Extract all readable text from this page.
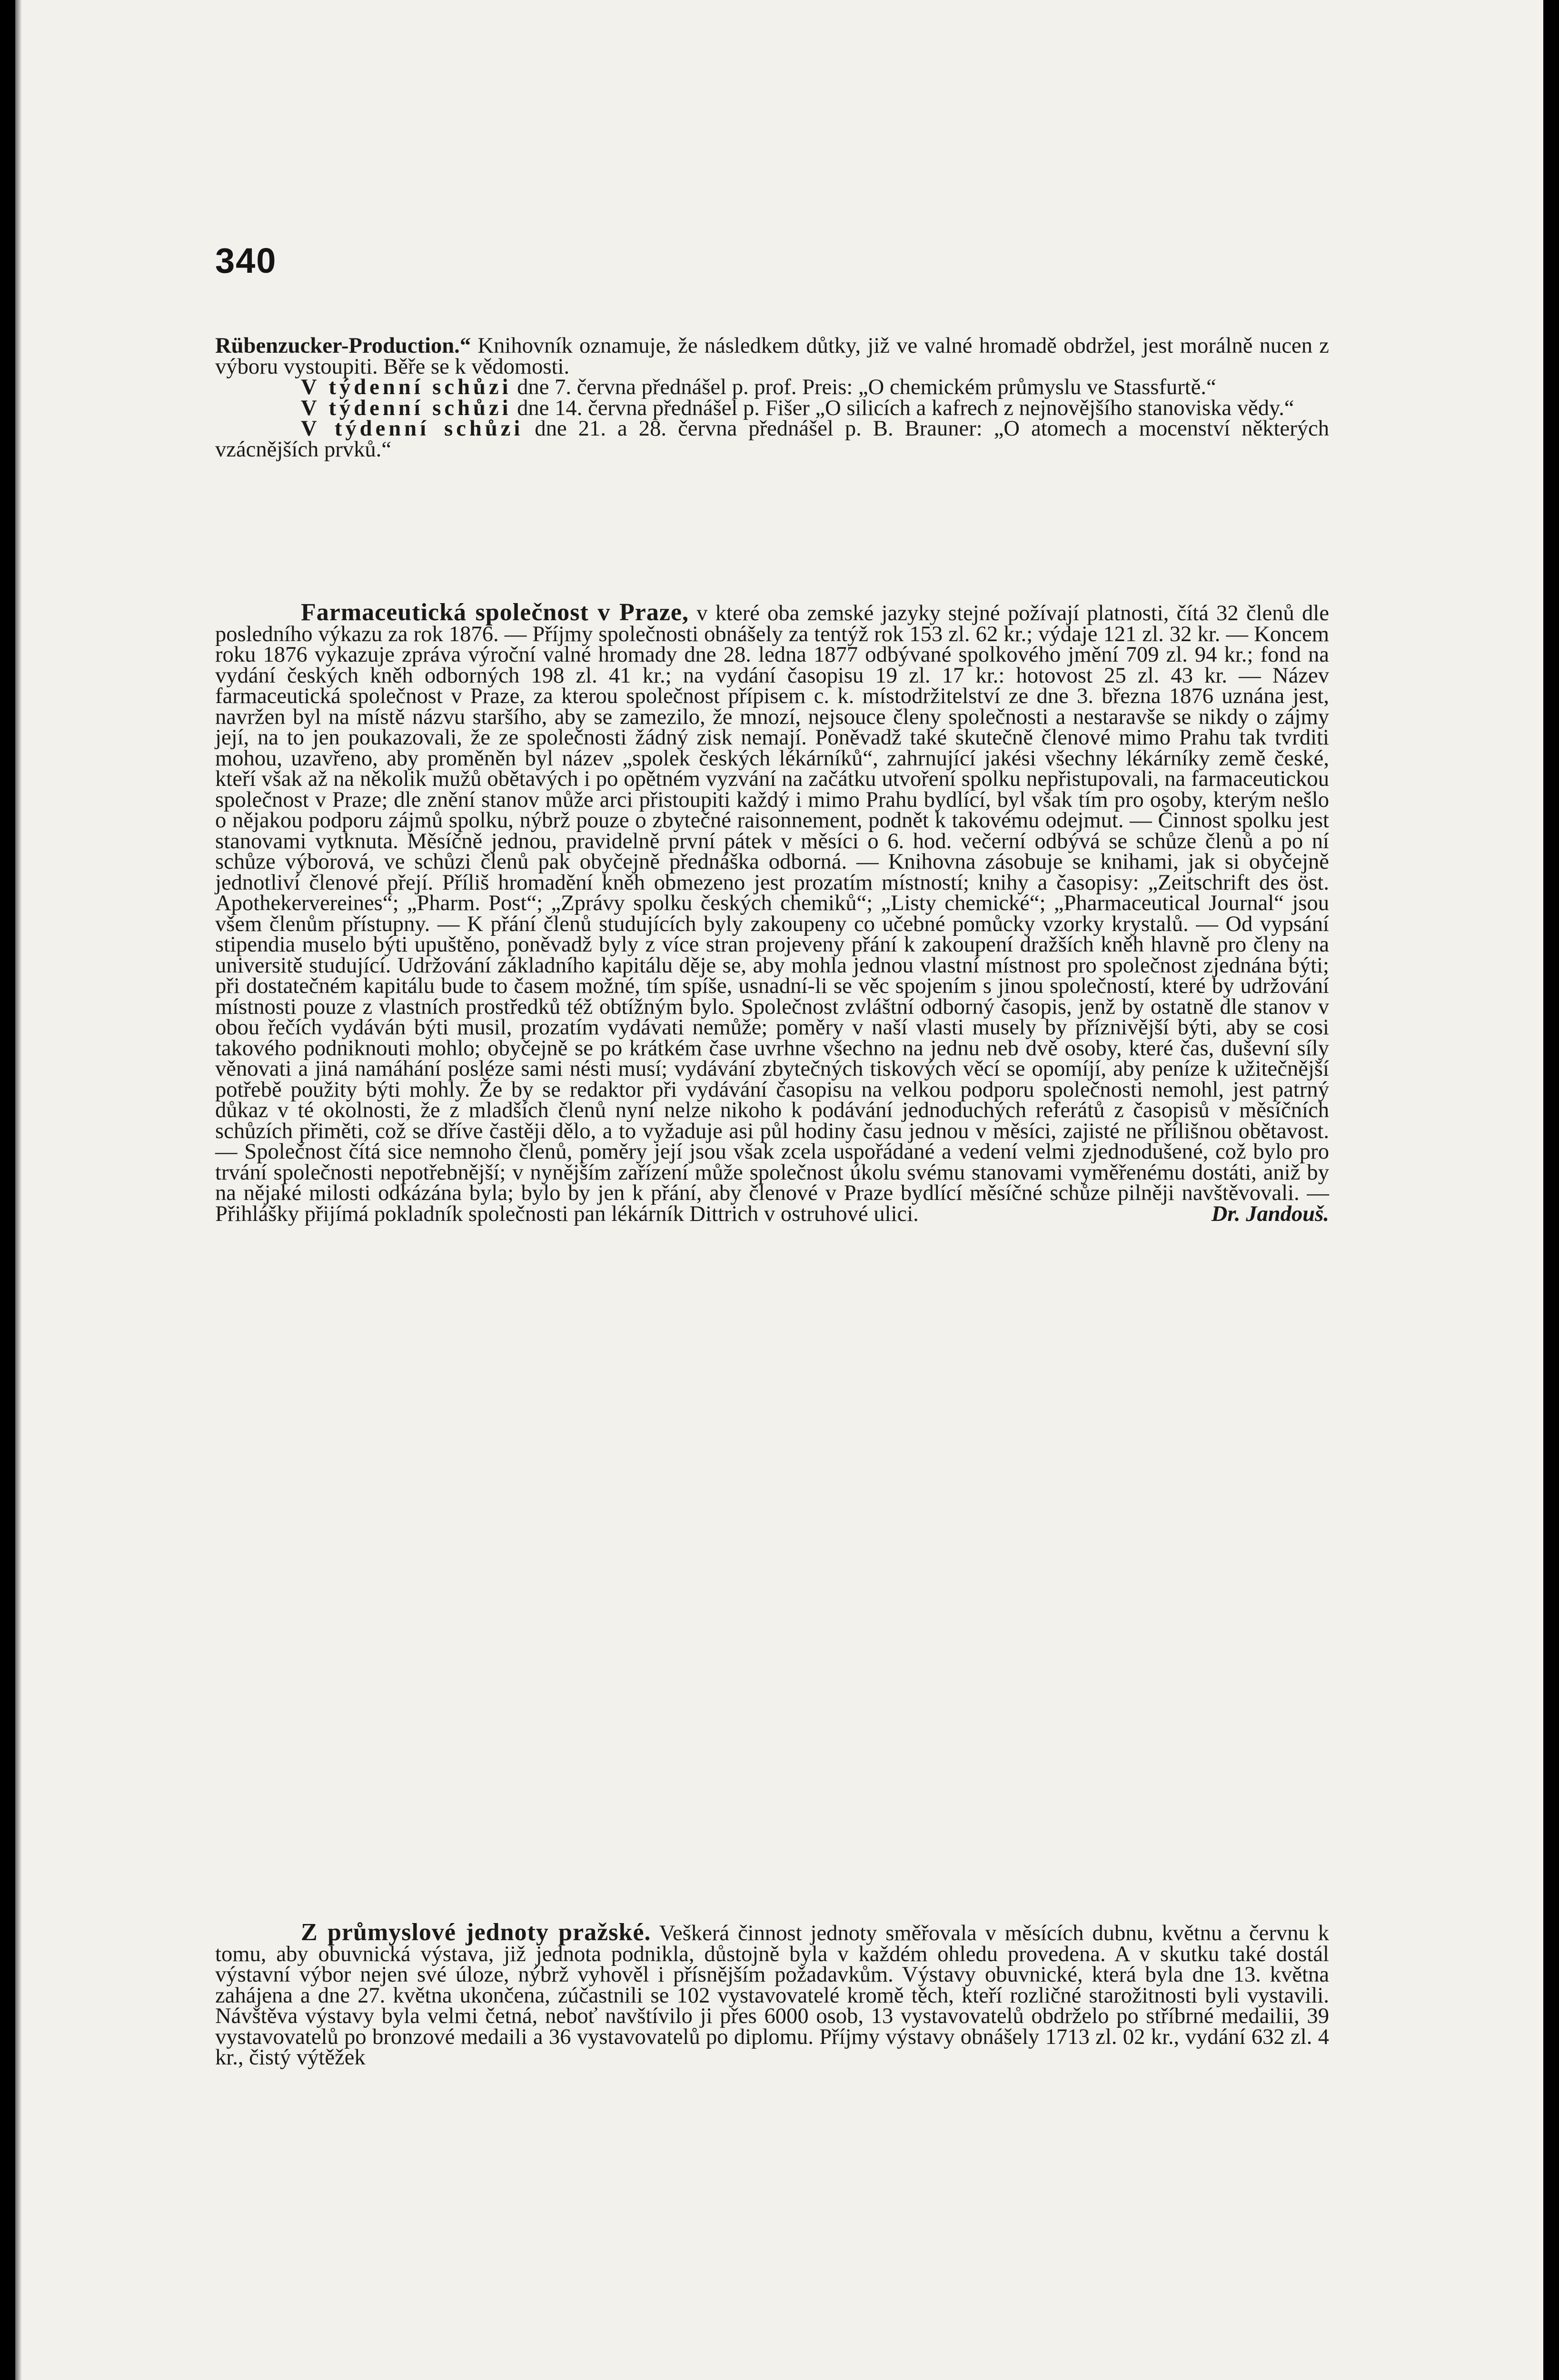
340

Rübenzucker-Production.“ Knihovník oznamuje, že následkem důtky, již ve valné hromadě obdržel, jest morálně nucen z výboru vystoupiti. Běře se k vědomosti.

V týdenní schůzi dne 7. června přednášel p. prof. Preis: „O chemickém průmyslu ve Stassfurtě.“

V týdenní schůzi dne 14. června přednášel p. Fišer „O silicích a kafrech z nejnovějšího stanoviska vědy.“

V týdenní schůzi dne 21. a 28. června přednášel p. B. Brauner: „O atomech a mocenství některých vzácnějších prvků.“

Farmaceutická společnost v Praze, v které oba zemské jazyky stejné požívají platnosti, čítá 32 členů dle posledního výkazu za rok 1876. — Příjmy společnosti obnášely za tentýž rok 153 zl. 62 kr.; výdaje 121 zl. 32 kr. — Koncem roku 1876 vykazuje zpráva výroční valné hromady dne 28. ledna 1877 odbývané spolkového jmění 709 zl. 94 kr.; fond na vydání českých kněh odborných 198 zl. 41 kr.; na vydání časopisu 19 zl. 17 kr.: hotovost 25 zl. 43 kr. — Název farmaceutická společnost v Praze, za kterou společnost přípisem c. k. místodržitelství ze dne 3. března 1876 uznána jest, navržen byl na místě názvu staršího, aby se zamezilo, že mnozí, nejsouce členy společnosti a nestaravše se nikdy o zájmy její, na to jen poukazovali, že ze společnosti žádný zisk nemají. Poněvadž také skutečně členové mimo Prahu tak tvrditi mohou, uzavřeno, aby proměněn byl název „spolek českých lékárníků“, zahrnující jakési všechny lékárníky země české, kteří však až na několik mužů obětavých i po opětném vyzvání na začátku utvoření spolku nepřistupovali, na farmaceutickou společnost v Praze; dle znění stanov může arci přistoupiti každý i mimo Prahu bydlící, byl však tím pro osoby, kterým nešlo o nějakou podporu zájmů spolku, nýbrž pouze o zbytečné raisonnement, podnět k takovému odejmut. — Činnost spolku jest stanovami vytknuta. Měsíčně jednou, pravidelně první pátek v měsíci o 6. hod. večerní odbývá se schůze členů a po ní schůze výborová, ve schůzi členů pak obyčejně přednáška odborná. — Knihovna zásobuje se knihami, jak si obyčejně jednotliví členové přejí. Příliš hromadění kněh obmezeno jest prozatím místností; knihy a časopisy: „Zeitschrift des öst. Apothekervereines“; „Pharm. Post“; „Zprávy spolku českých chemiků“; „Listy chemické“; „Pharmaceutical Journal“ jsou všem členům přístupny. — K přání členů studujících byly zakoupeny co učebné pomůcky vzorky krystalů. — Od vypsání stipendia muselo býti upuštěno, poněvadž byly z více stran projeveny přání k zakoupení dražších kněh hlavně pro členy na universitě studující. Udržování základního kapitálu děje se, aby mohla jednou vlastní místnost pro společnost zjednána býti; při dostatečném kapitálu bude to časem možné, tím spíše, usnadní-li se věc spojením s jinou společností, které by udržování místnosti pouze z vlastních prostředků též obtížným bylo. Společnost zvláštní odborný časopis, jenž by ostatně dle stanov v obou řečích vydáván býti musil, prozatím vydávati nemůže; poměry v naší vlasti musely by příznivější býti, aby se cosi takového podniknouti mohlo; obyčejně se po krátkém čase uvrhne všechno na jednu neb dvě osoby, které čas, duševní síly věnovati a jiná namáhání posléze sami nésti musí; vydávání zbytečných tiskových věcí se opomíjí, aby peníze k užitečnější potřebě použity býti mohly. Že by se redaktor při vydávání časopisu na velkou podporu společnosti nemohl, jest patrný důkaz v té okolnosti, že z mladších členů nyní nelze nikoho k podávání jednoduchých referátů z časopisů v měsíčních schůzích přiměti, což se dříve častěji dělo, a to vyžaduje asi půl hodiny času jednou v měsíci, zajisté ne přílišnou obětavost. — Společnost čítá sice nemnoho členů, poměry její jsou však zcela uspořádané a vedení velmi zjednodušené, což bylo pro trvání společnosti nepotřebnější; v nynějším zařízení může společnost úkolu svému stanovami vyměřenému dostáti, aniž by na nějaké milosti odkázána byla; bylo by jen k přání, aby členové v Praze bydlící měsíčné schůze pilněji navštěvovali. — Přihlášky přijímá pokladník společnosti pan lékárník Dittrich v ostruhové ulici.	Dr. Jandouš.

Z průmyslové jednoty pražské. Veškerá činnost jednoty směřovala v měsících dubnu, květnu a červnu k tomu, aby obuvnická výstava, již jednota podnikla, důstojně byla v každém ohledu provedena. A v skutku také dostál výstavní výbor nejen své úloze, nýbrž vyhověl i přísnějším požadavkům. Výstavy obuvnické, která byla dne 13. května zahájena a dne 27. května ukončena, zúčastnili se 102 vystavovatelé kromě těch, kteří rozličné starožitnosti byli vystavili. Návštěva výstavy byla velmi četná, neboť navštívilo ji přes 6000 osob, 13 vystavovatelů obdrželo po stříbrné medailii, 39 vystavovatelů po bronzové medaili a 36 vystavovatelů po diplomu. Příjmy výstavy obnášely 1713 zl. 02 kr., vydání 632 zl. 4 kr., čistý výtěžek
